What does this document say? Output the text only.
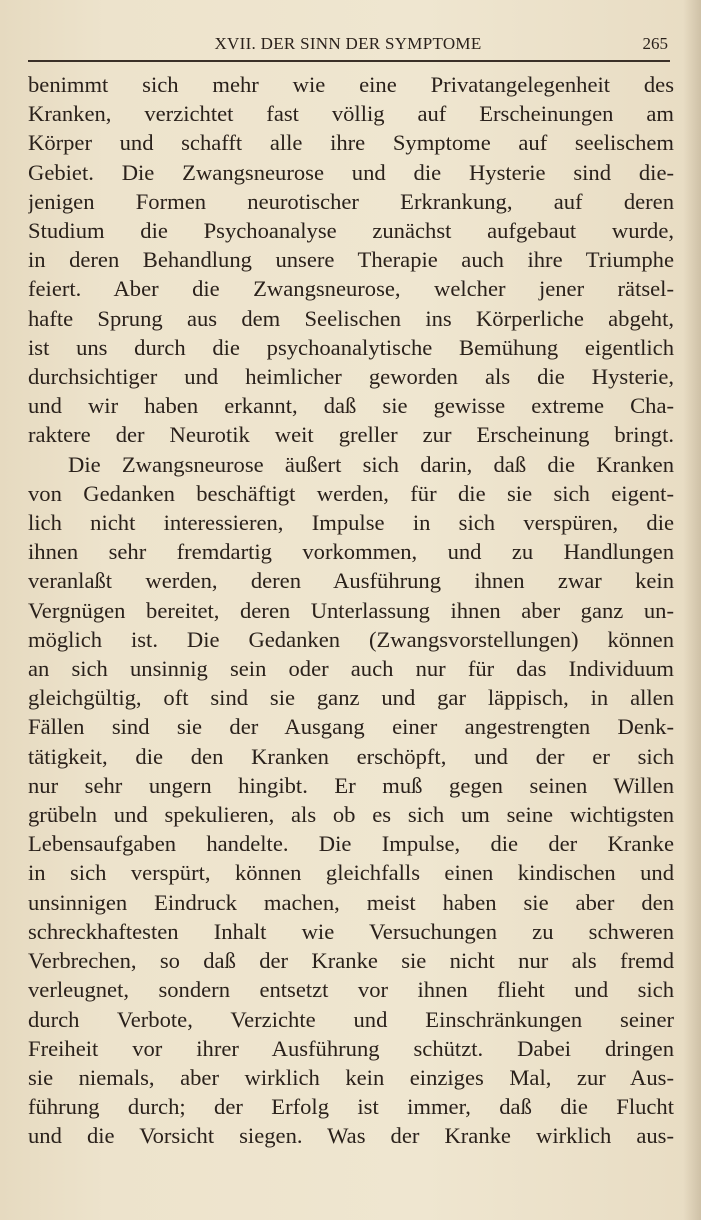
XVII. DER SINN DER SYMPTOME	265

benimmt sich mehr wie eine Privatangelegenheit des
Kranken, verzichtet fast völlig auf Erscheinungen am
Körper und schafft alle ihre Symptome auf seelischem
Gebiet. Die Zwangsneurose und die Hysterie sind die-
jenigen Formen neurotischer Erkrankung, auf deren
Studium die Psychoanalyse zunächst aufgebaut wurde,
in deren Behandlung unsere Therapie auch ihre Triumphe
feiert. Aber die Zwangsneurose, welcher jener rätsel-
hafte Sprung aus dem Seelischen ins Körperliche abgeht,
ist uns durch die psychoanalytische Bemühung eigentlich
durchsichtiger und heimlicher geworden als die Hysterie,
und wir haben erkannt, daß sie gewisse extreme Cha-
raktere der Neurotik weit greller zur Erscheinung bringt.

Die Zwangsneurose äußert sich darin, daß die Kranken
von Gedanken beschäftigt werden, für die sie sich eigent-
lich nicht interessieren, Impulse in sich verspüren, die
ihnen sehr fremdartig vorkommen, und zu Handlungen
veranlaßt werden, deren Ausführung ihnen zwar kein
Vergnügen bereitet, deren Unterlassung ihnen aber ganz un-
möglich ist. Die Gedanken (Zwangsvorstellungen) können
an sich unsinnig sein oder auch nur für das Individuum
gleichgültig, oft sind sie ganz und gar läppisch, in allen
Fällen sind sie der Ausgang einer angestrengten Denk-
tätigkeit, die den Kranken erschöpft, und der er sich
nur sehr ungern hingibt. Er muß gegen seinen Willen
grübeln und spekulieren, als ob es sich um seine wichtigsten
Lebensaufgaben handelte. Die Impulse, die der Kranke
in sich verspürt, können gleichfalls einen kindischen und
unsinnigen Eindruck machen, meist haben sie aber den
schreckhaftesten Inhalt wie Versuchungen zu schweren
Verbrechen, so daß der Kranke sie nicht nur als fremd
verleugnet, sondern entsetzt vor ihnen flieht und sich
durch Verbote, Verzichte und Einschränkungen seiner
Freiheit vor ihrer Ausführung schützt. Dabei dringen
sie niemals, aber wirklich kein einziges Mal, zur Aus-
führung durch; der Erfolg ist immer, daß die Flucht
und die Vorsicht siegen. Was der Kranke wirklich aus-
